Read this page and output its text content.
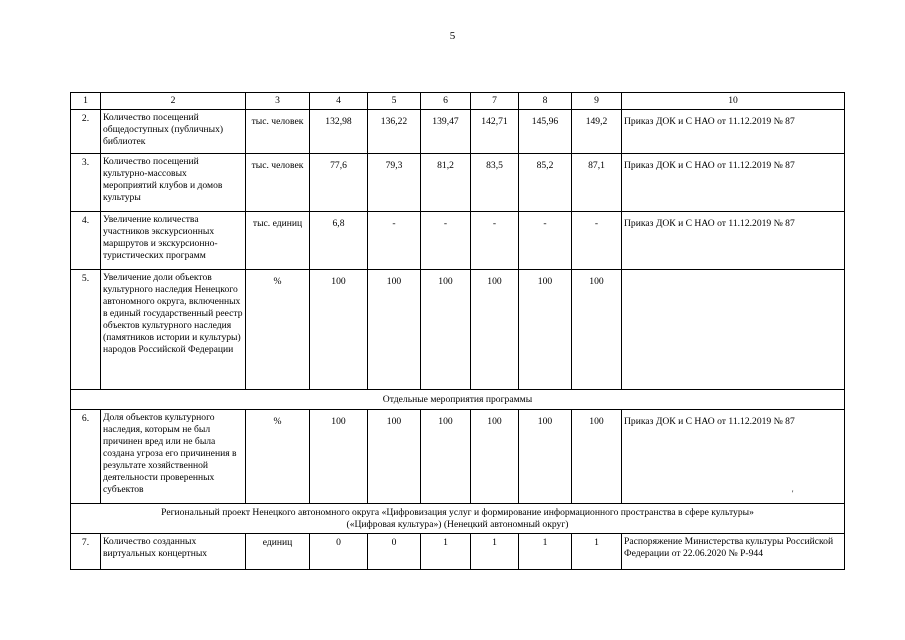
5
1	2	3	4	5	6	7	8	9	10
2.	Количество посещений общедоступных (публичных) библиотек	тыс. человек	132,98	136,22	139,47	142,71	145,96	149,2	Приказ ДОК и С НАО от 11.12.2019 № 87
3.	Количество посещений культурно-массовых мероприятий клубов и домов культуры	тыс. человек	77,6	79,3	81,2	83,5	85,2	87,1	Приказ ДОК и С НАО от 11.12.2019 № 87
4.	Увеличение количества участников экскурсионных маршрутов и экскурсионно-туристических программ	тыс. единиц	6,8	-	-	-	-	-	Приказ ДОК и С НАО от 11.12.2019 № 87
5.	Увеличение доли объектов культурного наследия Ненецкого автономного округа, включенных в единый государственный реестр объектов культурного наследия (памятников истории и культуры) народов Российской Федерации	%	100	100	100	100	100	100	
Отдельные мероприятия программы									
6.	Доля объектов культурного наследия, которым не был причинен вред или не была создана угроза его причинения в результате хозяйственной деятельности проверенных субъектов	%	100	100	100	100	100	100	Приказ ДОК и С НАО от 11.12.2019 № 87

Региональный проект Ненецкого автономного округа «Цифровизация услуг и формирование информационного пространства в сфере культуры»
(«Цифровая культура») (Ненецкий автономный округ)									

7.	Количество созданных виртуальных концертных	единиц	0	0	1	1	1	1	Распоряжение Министерства культуры Российской Федерации от 22.06.2020 № Р-944
'
